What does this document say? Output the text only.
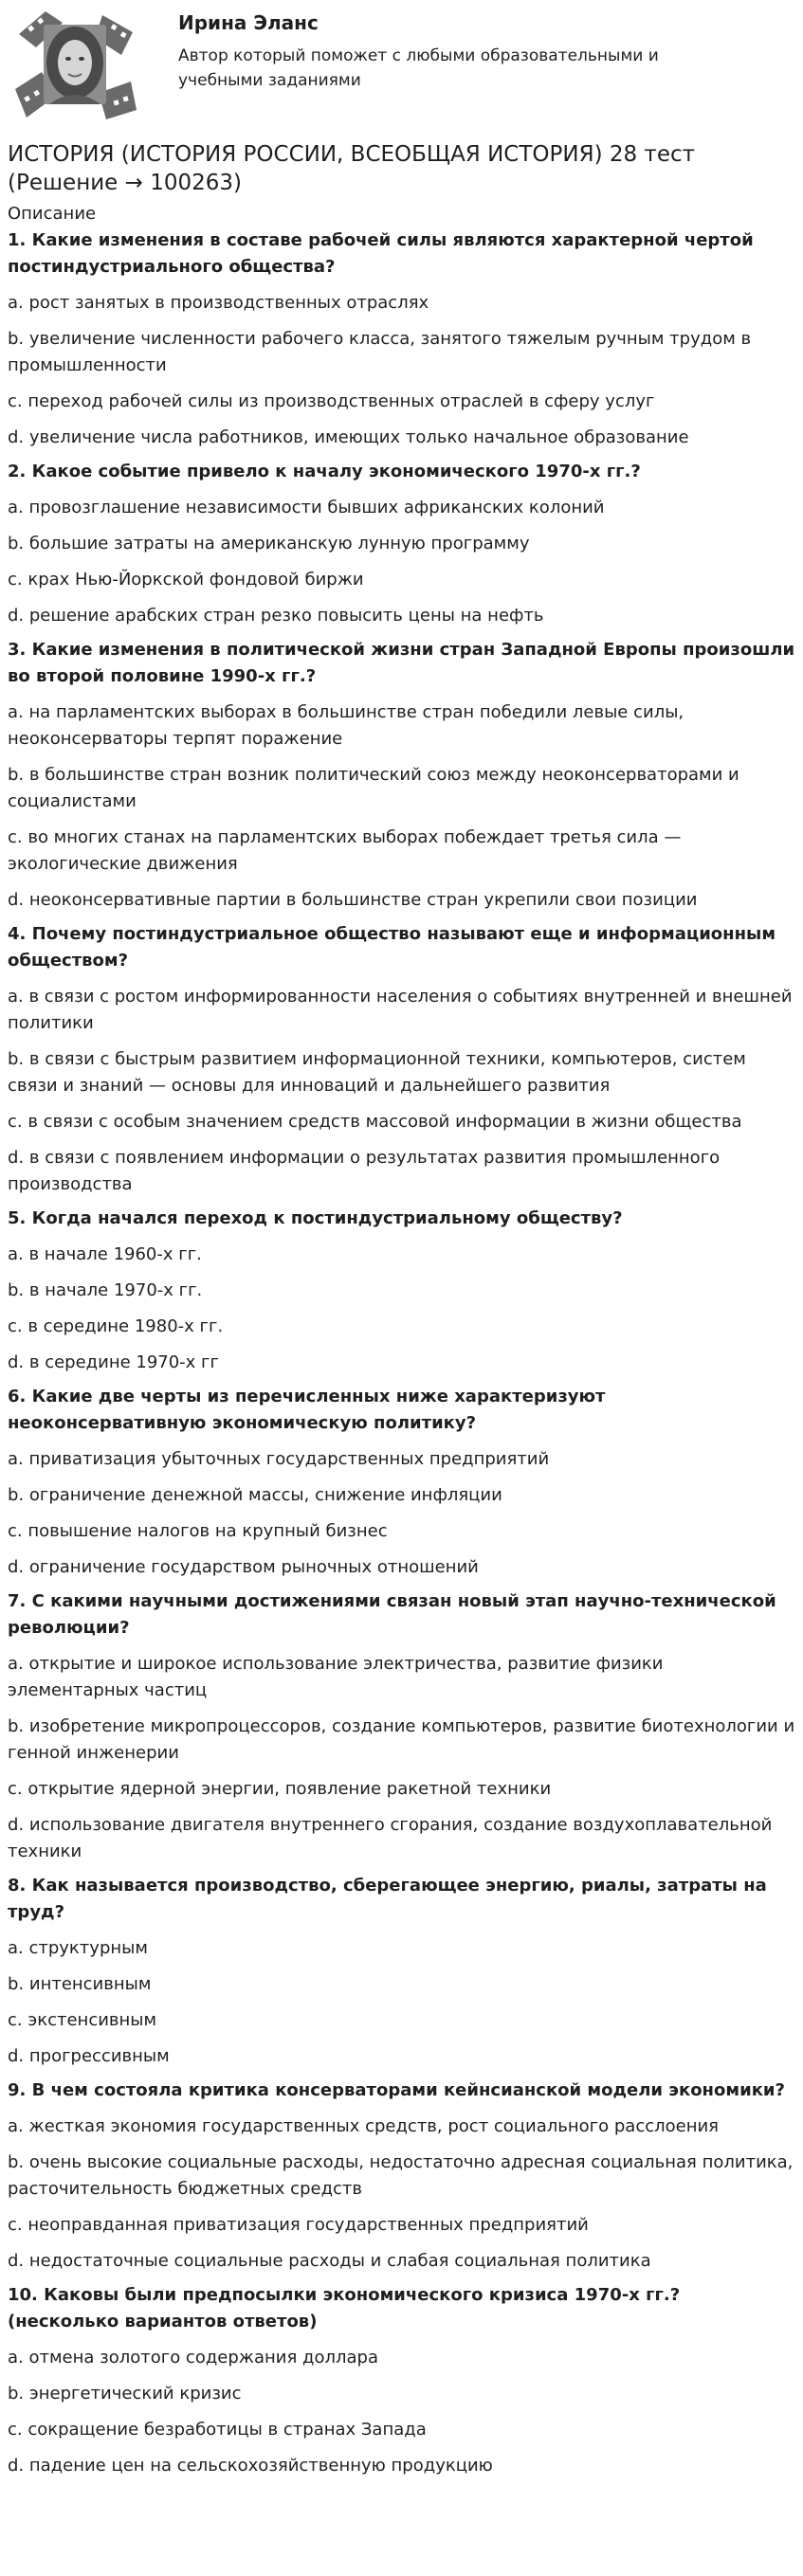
Ирина Эланс
Автор который поможет с любыми образовательными и учебными заданиями
ИСТОРИЯ (ИСТОРИЯ РОССИИ, ВСЕОБЩАЯ ИСТОРИЯ) 28 тест (Решение → 100263)
Описание
1. Какие изменения в составе рабочей силы являются характерной чертой постиндустриального общества?
a. рост занятых в производственных отраслях
b. увеличение численности рабочего класса, занятого тяжелым ручным трудом в промышленности
c. переход рабочей силы из производственных отраслей в сферу услуг
d. увеличение числа работников, имеющих только начальное образование
2. Какое событие привело к началу экономического 1970-х гг.?
a. провозглашение независимости бывших африканских колоний
b. большие затраты на американскую лунную программу
c. крах Нью-Йоркской фондовой биржи
d. решение арабских стран резко повысить цены на нефть
3. Какие изменения в политической жизни стран Западной Европы произошли во второй половине 1990-х гг.?
a. на парламентских выборах в большинстве стран победили левые силы, неоконсерваторы терпят поражение
b. в большинстве стран возник политический союз между неоконсерваторами и социалистами
c. во многих станах на парламентских выборах побеждает третья сила — экологические движения
d. неоконсервативные партии в большинстве стран укрепили свои позиции
4. Почему постиндустриальное общество называют еще и информационным обществом?
a. в связи с ростом информированности населения о событиях внутренней и внешней политики
b. в связи с быстрым развитием информационной техники, компьютеров, систем связи и знаний — основы для инноваций и дальнейшего развития
c. в связи с особым значением средств массовой информации в жизни общества
d. в связи с появлением информации о результатах развития промышленного производства
5. Когда начался переход к постиндустриальному обществу?
a. в начале 1960-х гг.
b. в начале 1970-х гг.
c. в середине 1980-х гг.
d. в середине 1970-х гг
6. Какие две черты из перечисленных ниже характеризуют неоконсервативную экономическую политику?
a. приватизация убыточных государственных предприятий
b. ограничение денежной массы, снижение инфляции
c. повышение налогов на крупный бизнес
d. ограничение государством рыночных отношений
7. С какими научными достижениями связан новый этап научно-технической революции?
a. открытие и широкое использование электричества, развитие физики элементарных частиц
b. изобретение микропроцессоров, создание компьютеров, развитие биотехнологии и генной инженерии
c. открытие ядерной энергии, появление ракетной техники
d. использование двигателя внутреннего сгорания, создание воздухоплавательной техники
8. Как называется производство, сберегающее энергию, риалы, затраты на труд?
a. структурным
b. интенсивным
c. экстенсивным
d. прогрессивным
9. В чем состояла критика консерваторами кейнсианской модели экономики?
a. жесткая экономия государственных средств, рост социального расслоения
b. очень высокие социальные расходы, недостаточно адресная социальная политика, расточительность бюджетных средств
c. неоправданная приватизация государственных предприятий
d. недостаточные социальные расходы и слабая социальная политика
10. Каковы были предпосылки экономического кризиса 1970-х гг.? (несколько вариантов ответов)
a. отмена золотого содержания доллара
b. энергетический кризис
c. сокращение безработицы в странах Запада
d. падение цен на сельскохозяйственную продукцию
